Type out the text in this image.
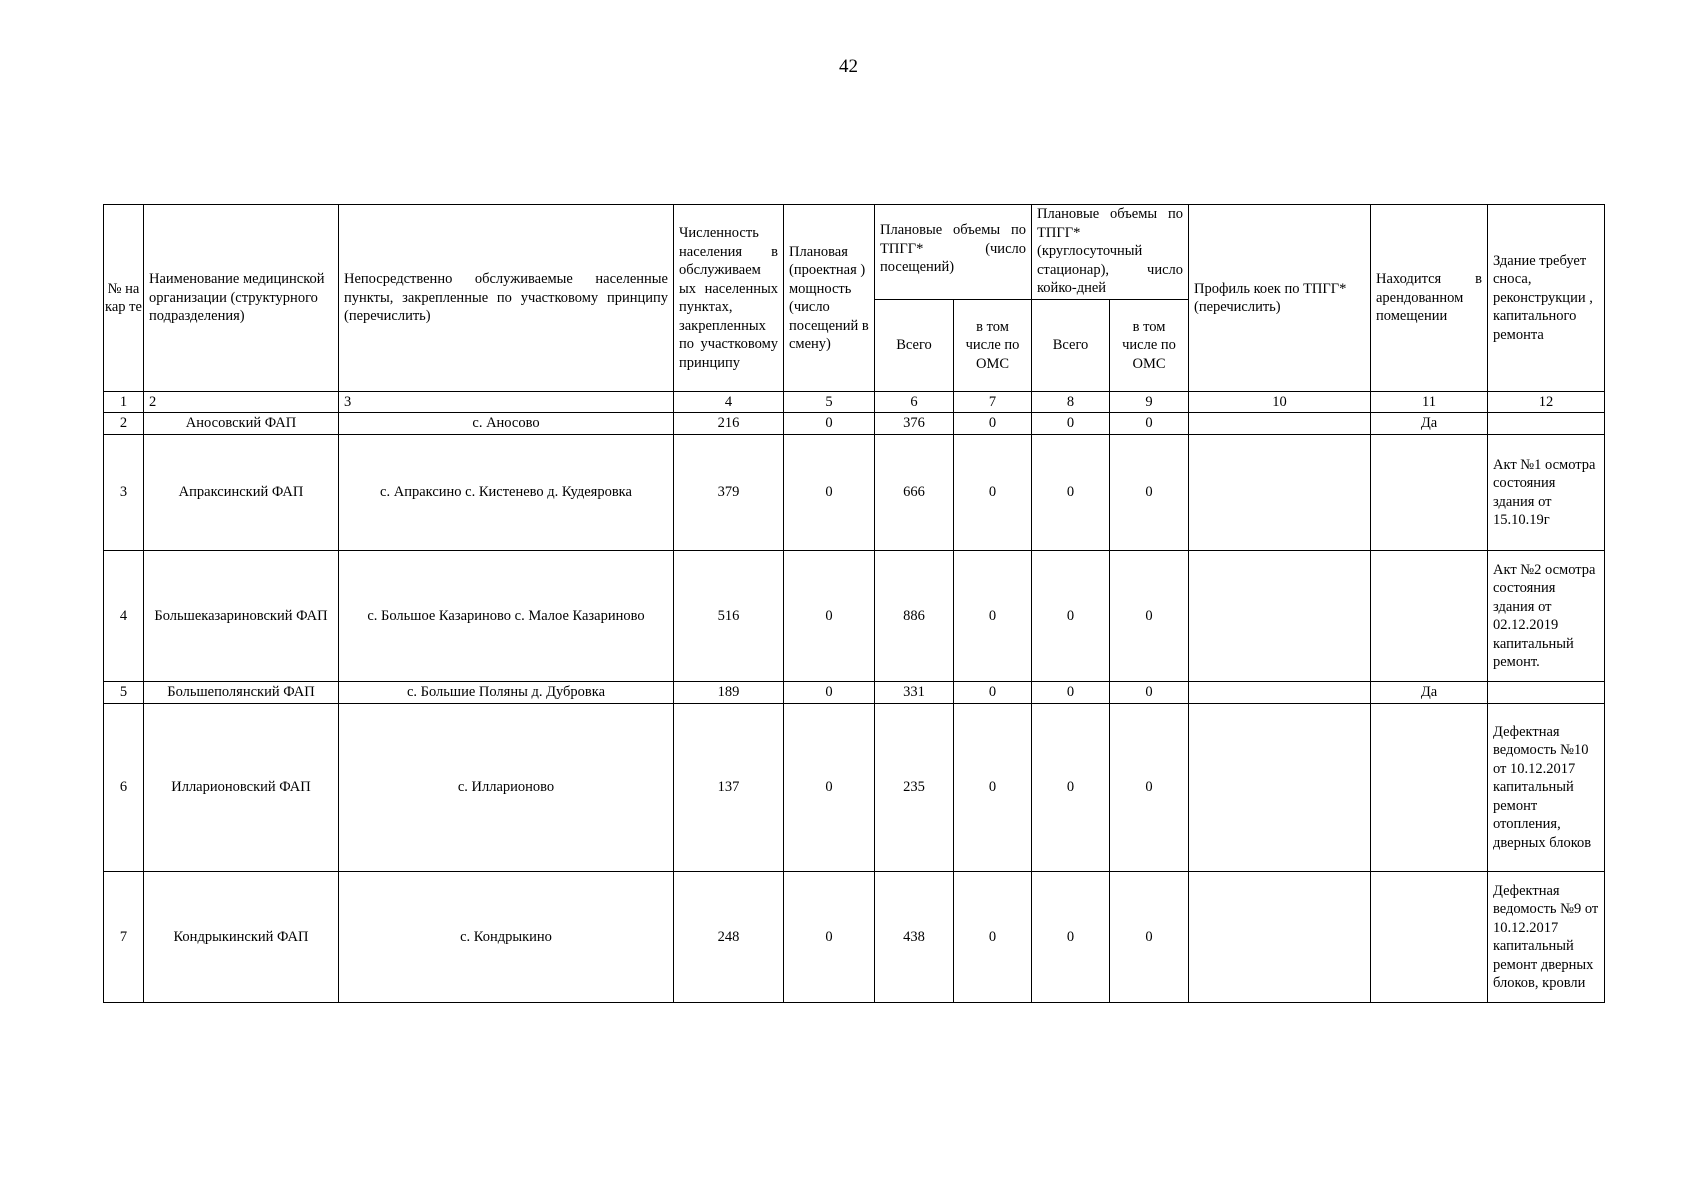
42
№ на кар те	Наименование медицинской организации (структурного подразделения)	Непосредственно обслуживаемые населенные пункты, закрепленные по участковому принципу (перечислить)	Численность населения в обслуживаем ых населенных пунктах, закрепленных по участковому принципу	Плановая (проектная ) мощность (число посещений в смену)	Плановые объемы по ТПГГ* (число посещений)		Плановые объемы по ТПГГ* (круглосуточный стационар), число койко-дней		Профиль коек по ТПГГ* (перечислить)	Находится в арендованном помещении	Здание требует сноса, реконструкции , капитального ремонта
					Всего	в том числе по ОМС	Всего	в том числе по ОМС			
1	2	3	4	5	6	7	8	9	10	11	12
2	Аносовский ФАП	с. Аносово	216	0	376	0	0	0		Да	
3	Апраксинский ФАП	с. Апраксино с. Кистенево д. Кудеяровка	379	0	666	0	0	0			Акт №1 осмотра состояния здания от 15.10.19г
4	Большеказариновский ФАП	с. Большое Казариново с. Малое Казариново	516	0	886	0	0	0			Акт №2 осмотра состояния здания от 02.12.2019 капитальный ремонт.
5	Большеполянский ФАП	с. Большие Поляны д. Дубровка	189	0	331	0	0	0		Да	
6	Илларионовский ФАП	с. Илларионово	137	0	235	0	0	0			Дефектная ведомость №10 от 10.12.2017 капитальный ремонт отопления, дверных блоков
7	Кондрыкинский ФАП	с. Кондрыкино	248	0	438	0	0	0			Дефектная ведомость №9 от 10.12.2017 капитальный ремонт дверных блоков, кровли
